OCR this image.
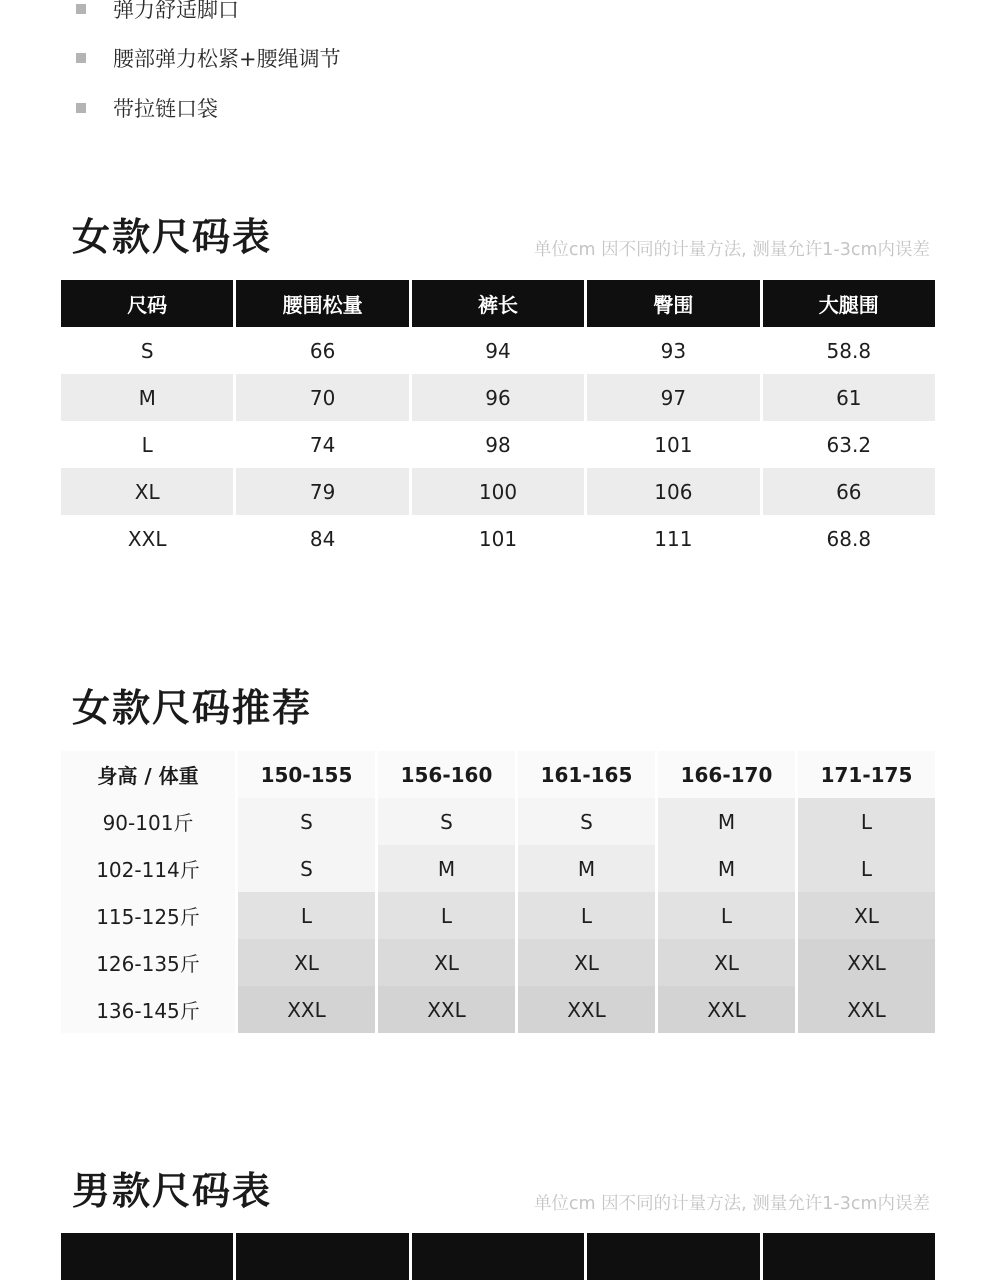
弹力舒适脚口
腰部弹力松紧+腰绳调节
带拉链口袋
女款尺码表	单位cm 因不同的计量方法, 测量允许1-3cm内误差
尺码	腰围松量	裤长	臀围	大腿围
S	66	94	93	58.8
M	70	96	97	61
L	74	98	101	63.2
XL	79	100	106	66
XXL	84	101	111	68.8
女款尺码推荐
身高 / 体重	150-155	156-160	161-165	166-170	171-175
90-101斤	S	S	S	M	L
102-114斤	S	M	M	M	L
115-125斤	L	L	L	L	XL
126-135斤	XL	XL	XL	XL	XXL
136-145斤	XXL	XXL	XXL	XXL	XXL
男款尺码表	单位cm 因不同的计量方法, 测量允许1-3cm内误差
